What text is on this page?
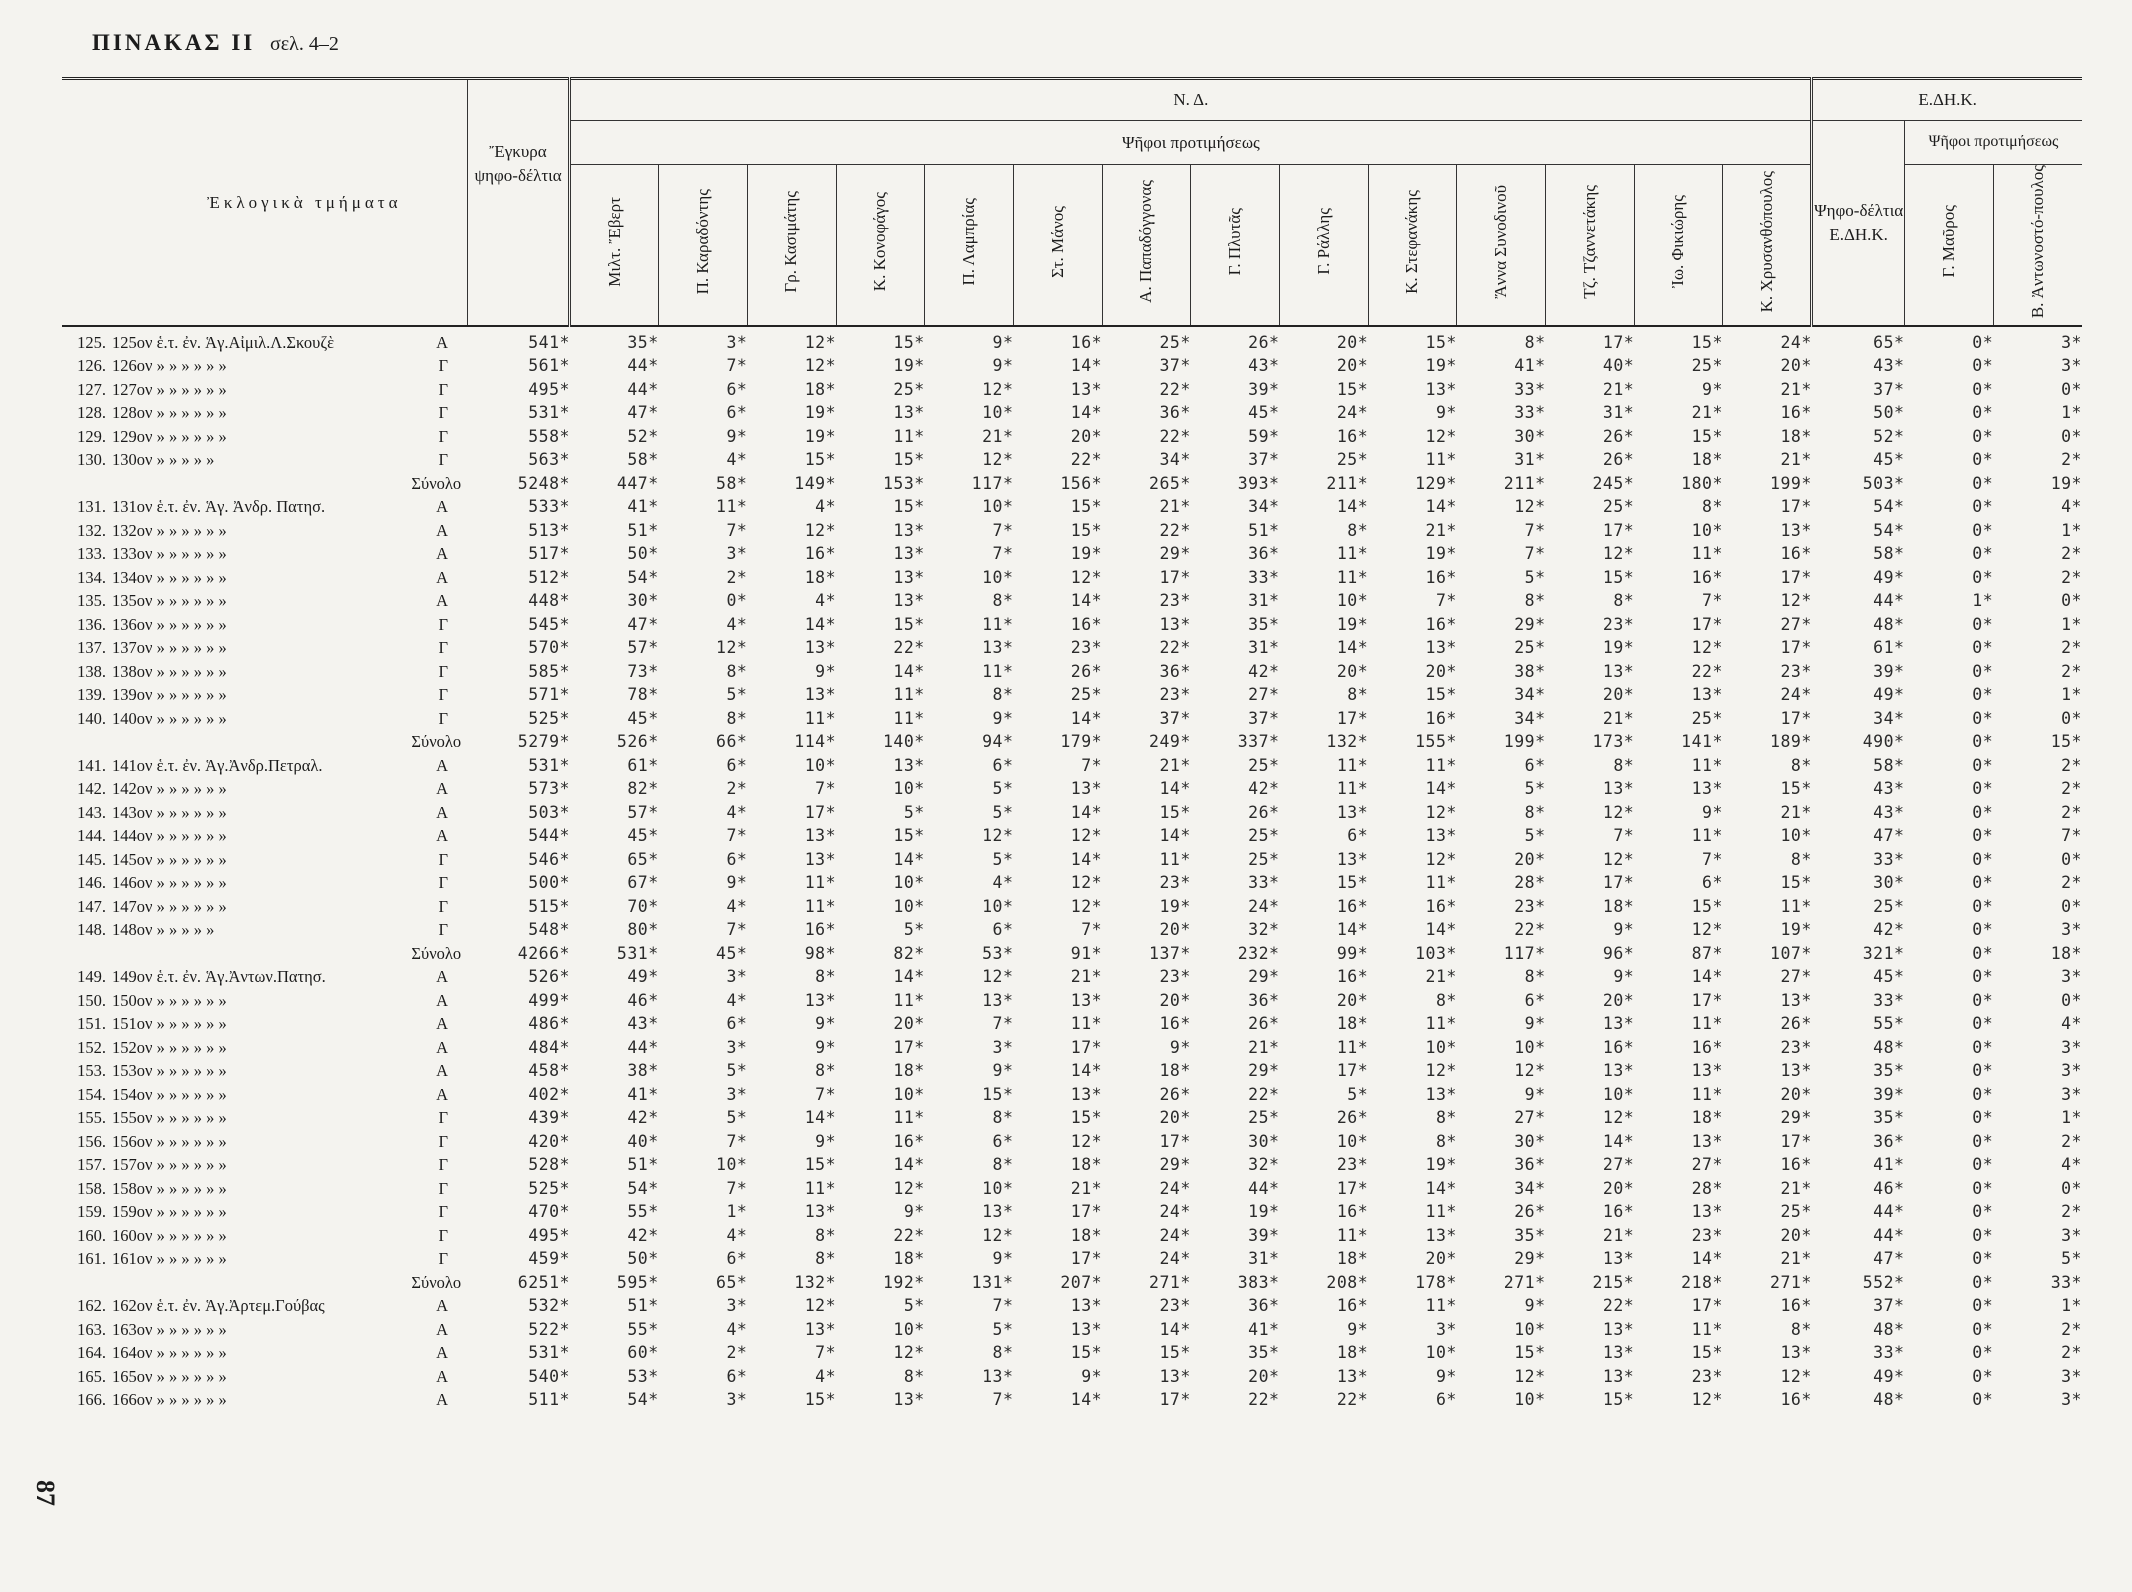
ΠΙΝΑΚΑΣ ΙΙ σελ. 4–2
87
Ἐκλογικὰ τμήματα	Ἔγκυρα ψηφο-δέλτια	Ν. Δ.														Ε.ΔΗ.Κ.		
		Ψῆφοι προτιμήσεως														Ψηφο-δέλτια Ε.ΔΗ.Κ.	Ψῆφοι προτιμήσεως	
		Μιλτ. Ἔβερτ	Π. Καραδόντης	Γρ. Κασιμάτης	Κ. Κονοφάγος	Π. Λαμπρίας	Στ. Μάνος	Α. Παπαδόγγονας	Γ. Πλυτᾶς	Γ. Ράλλης	Κ. Στεφανάκης	Ἄννα Συνοδινοῦ	Τζ. Τζαννετάκης	Ἰω. Φικιώρης	Κ. Χρυσανθόπουλος		Γ. Μαῦρος	Β. Ἀντωνοστό-πουλος
125. 125ον ἑ.τ. ἐν. Ἁγ.Αἰμιλ.Λ.Σκουζὲ Α	541*	35*	3*	12*	15*	9*	16*	25*	26*	20*	15*	8*	17*	15*	24*	65*	0*	3*
126. 126ον » » » » » » Γ	561*	44*	7*	12*	19*	9*	14*	37*	43*	20*	19*	41*	40*	25*	20*	43*	0*	3*
127. 127ον » » » » » » Γ	495*	44*	6*	18*	25*	12*	13*	22*	39*	15*	13*	33*	21*	9*	21*	37*	0*	0*
128. 128ον » » » » » » Γ	531*	47*	6*	19*	13*	10*	14*	36*	45*	24*	9*	33*	31*	21*	16*	50*	0*	1*
129. 129ον » » » » » » Γ	558*	52*	9*	19*	11*	21*	20*	22*	59*	16*	12*	30*	26*	15*	18*	52*	0*	0*
130. 130ον » » » » » Γ	563*	58*	4*	15*	15*	12*	22*	34*	37*	25*	11*	31*	26*	18*	21*	45*	0*	2*
Σύνολο	5248*	447*	58*	149*	153*	117*	156*	265*	393*	211*	129*	211*	245*	180*	199*	503*	0*	19*
131. 131ον ἑ.τ. ἐν. Ἁγ. Ἀνδρ. Πατησ. Α	533*	41*	11*	4*	15*	10*	15*	21*	34*	14*	14*	12*	25*	8*	17*	54*	0*	4*
132. 132ον » » » » » » Α	513*	51*	7*	12*	13*	7*	15*	22*	51*	8*	21*	7*	17*	10*	13*	54*	0*	1*
133. 133ον » » » » » » Α	517*	50*	3*	16*	13*	7*	19*	29*	36*	11*	19*	7*	12*	11*	16*	58*	0*	2*
134. 134ον » » » » » » Α	512*	54*	2*	18*	13*	10*	12*	17*	33*	11*	16*	5*	15*	16*	17*	49*	0*	2*
135. 135ον » » » » » » Α	448*	30*	0*	4*	13*	8*	14*	23*	31*	10*	7*	8*	8*	7*	12*	44*	1*	0*
136. 136ον » » » » » » Γ	545*	47*	4*	14*	15*	11*	16*	13*	35*	19*	16*	29*	23*	17*	27*	48*	0*	1*
137. 137ον » » » » » » Γ	570*	57*	12*	13*	22*	13*	23*	22*	31*	14*	13*	25*	19*	12*	17*	61*	0*	2*
138. 138ον » » » » » » Γ	585*	73*	8*	9*	14*	11*	26*	36*	42*	20*	20*	38*	13*	22*	23*	39*	0*	2*
139. 139ον » » » » » » Γ	571*	78*	5*	13*	11*	8*	25*	23*	27*	8*	15*	34*	20*	13*	24*	49*	0*	1*
140. 140ον » » » » » » Γ	525*	45*	8*	11*	11*	9*	14*	37*	37*	17*	16*	34*	21*	25*	17*	34*	0*	0*
Σύνολο	5279*	526*	66*	114*	140*	94*	179*	249*	337*	132*	155*	199*	173*	141*	189*	490*	0*	15*
141. 141ον ἑ.τ. ἐν. Ἁγ.Ἀνδρ.Πετραλ. Α	531*	61*	6*	10*	13*	6*	7*	21*	25*	11*	11*	6*	8*	11*	8*	58*	0*	2*
142. 142ον » » » » » » Α	573*	82*	2*	7*	10*	5*	13*	14*	42*	11*	14*	5*	13*	13*	15*	43*	0*	2*
143. 143ον » » » » » » Α	503*	57*	4*	17*	5*	5*	14*	15*	26*	13*	12*	8*	12*	9*	21*	43*	0*	2*
144. 144ον » » » » » » Α	544*	45*	7*	13*	15*	12*	12*	14*	25*	6*	13*	5*	7*	11*	10*	47*	0*	7*
145. 145ον » » » » » » Γ	546*	65*	6*	13*	14*	5*	14*	11*	25*	13*	12*	20*	12*	7*	8*	33*	0*	0*
146. 146ον » » » » » » Γ	500*	67*	9*	11*	10*	4*	12*	23*	33*	15*	11*	28*	17*	6*	15*	30*	0*	2*
147. 147ον » » » » » » Γ	515*	70*	4*	11*	10*	10*	12*	19*	24*	16*	16*	23*	18*	15*	11*	25*	0*	0*
148. 148ον » » » » » Γ	548*	80*	7*	16*	5*	6*	7*	20*	32*	14*	14*	22*	9*	12*	19*	42*	0*	3*
Σύνολο	4266*	531*	45*	98*	82*	53*	91*	137*	232*	99*	103*	117*	96*	87*	107*	321*	0*	18*
149. 149ον ἑ.τ. ἐν. Ἁγ.Ἀντων.Πατησ. Α	526*	49*	3*	8*	14*	12*	21*	23*	29*	16*	21*	8*	9*	14*	27*	45*	0*	3*
150. 150ον » » » » » » Α	499*	46*	4*	13*	11*	13*	13*	20*	36*	20*	8*	6*	20*	17*	13*	33*	0*	0*
151. 151ον » » » » » » Α	486*	43*	6*	9*	20*	7*	11*	16*	26*	18*	11*	9*	13*	11*	26*	55*	0*	4*
152. 152ον » » » » » » Α	484*	44*	3*	9*	17*	3*	17*	9*	21*	11*	10*	10*	16*	16*	23*	48*	0*	3*
153. 153ον » » » » » » Α	458*	38*	5*	8*	18*	9*	14*	18*	29*	17*	12*	12*	13*	13*	13*	35*	0*	3*
154. 154ον » » » » » » Α	402*	41*	3*	7*	10*	15*	13*	26*	22*	5*	13*	9*	10*	11*	20*	39*	0*	3*
155. 155ον » » » » » » Γ	439*	42*	5*	14*	11*	8*	15*	20*	25*	26*	8*	27*	12*	18*	29*	35*	0*	1*
156. 156ον » » » » » » Γ	420*	40*	7*	9*	16*	6*	12*	17*	30*	10*	8*	30*	14*	13*	17*	36*	0*	2*
157. 157ον » » » » » » Γ	528*	51*	10*	15*	14*	8*	18*	29*	32*	23*	19*	36*	27*	27*	16*	41*	0*	4*
158. 158ον » » » » » » Γ	525*	54*	7*	11*	12*	10*	21*	24*	44*	17*	14*	34*	20*	28*	21*	46*	0*	0*
159. 159ον » » » » » » Γ	470*	55*	1*	13*	9*	13*	17*	24*	19*	16*	11*	26*	16*	13*	25*	44*	0*	2*
160. 160ον » » » » » » Γ	495*	42*	4*	8*	22*	12*	18*	24*	39*	11*	13*	35*	21*	23*	20*	44*	0*	3*
161. 161ον » » » » » » Γ	459*	50*	6*	8*	18*	9*	17*	24*	31*	18*	20*	29*	13*	14*	21*	47*	0*	5*
Σύνολο	6251*	595*	65*	132*	192*	131*	207*	271*	383*	208*	178*	271*	215*	218*	271*	552*	0*	33*
162. 162ον ἑ.τ. ἐν. Ἁγ.Ἀρτεμ.Γούβας Α	532*	51*	3*	12*	5*	7*	13*	23*	36*	16*	11*	9*	22*	17*	16*	37*	0*	1*
163. 163ον » » » » » » Α	522*	55*	4*	13*	10*	5*	13*	14*	41*	9*	3*	10*	13*	11*	8*	48*	0*	2*
164. 164ον » » » » » » Α	531*	60*	2*	7*	12*	8*	15*	15*	35*	18*	10*	15*	13*	15*	13*	33*	0*	2*
165. 165ον » » » » » » Α	540*	53*	6*	4*	8*	13*	9*	13*	20*	13*	9*	12*	13*	23*	12*	49*	0*	3*
166. 166ον » » » » » » Α	511*	54*	3*	15*	13*	7*	14*	17*	22*	22*	6*	10*	15*	12*	16*	48*	0*	3*
